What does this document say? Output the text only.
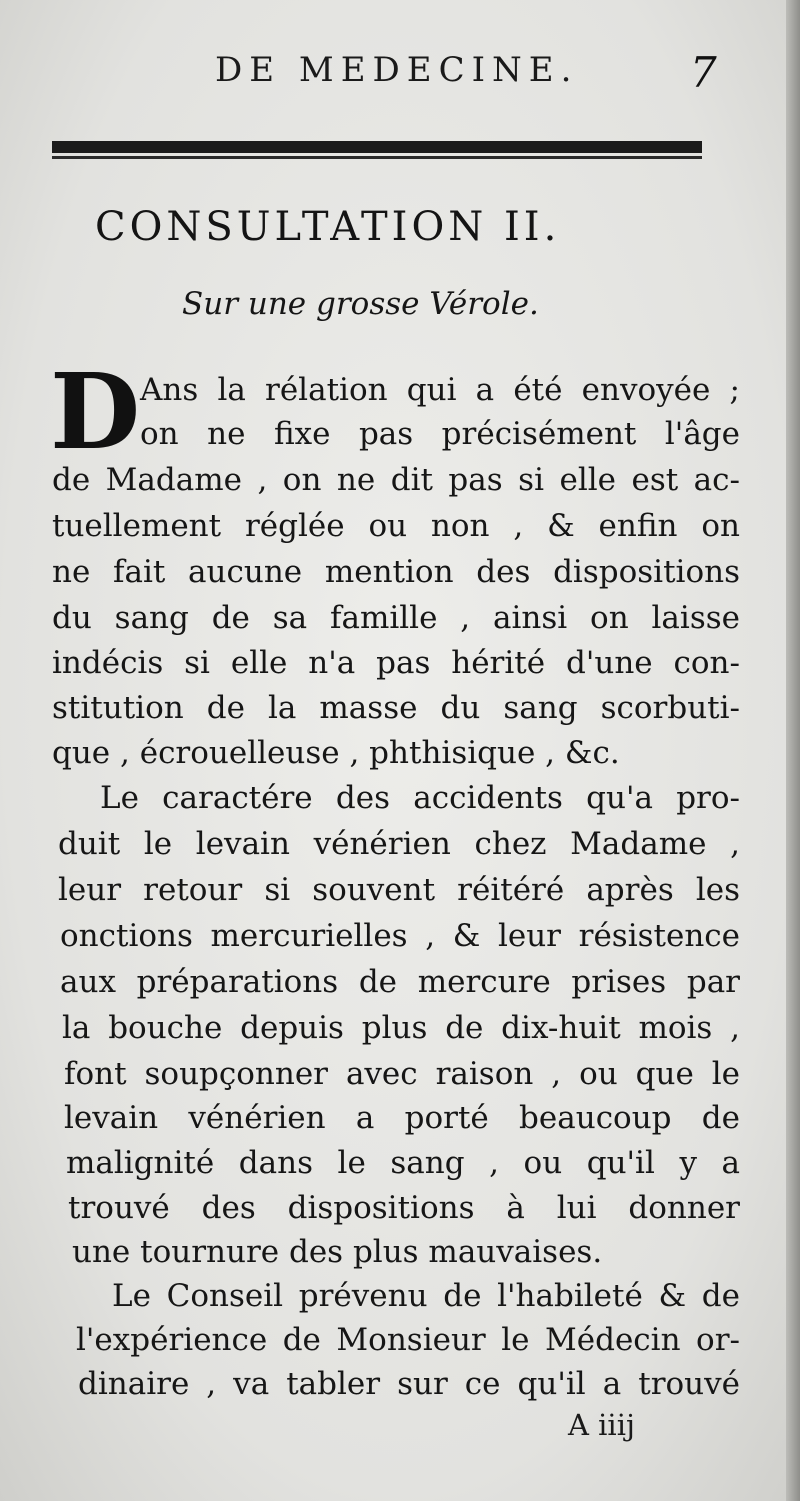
DE MEDECINE.	7
CONSULTATION II.
Sur une grosse Vérole.
D Ans la rélation qui a été envoyée ;
on ne fixe pas précisément l'âge
de Madame , on ne dit pas si elle est ac-
tuellement réglée ou non , & enfin on
ne fait aucune mention des dispositions
du sang de sa famille , ainsi on laisse
indécis si elle n'a pas hérité d'une con-
stitution de la masse du sang scorbuti-
que , écrouelleuse , phthisique , &c.
Le caractére des accidents qu'a pro-
duit le levain vénérien chez Madame ,
leur retour si souvent réitéré après les
onctions mercurielles , & leur résistence
aux préparations de mercure prises par
la bouche depuis plus de dix-huit mois ,
font soupçonner avec raison , ou que le
levain vénérien a porté beaucoup de
malignité dans le sang , ou qu'il y a
trouvé des dispositions à lui donner
une tournure des plus mauvaises.
Le Conseil prévenu de l'habileté & de
l'expérience de Monsieur le Médecin or-
dinaire , va tabler sur ce qu'il a trouvé
A iiij
